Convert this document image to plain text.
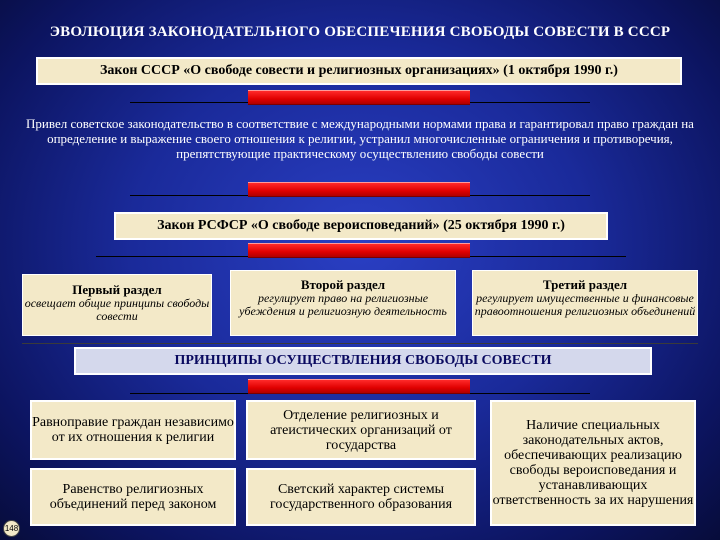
ЭВОЛЮЦИЯ ЗАКОНОДАТЕЛЬНОГО ОБЕСПЕЧЕНИЯ СВОБОДЫ СОВЕСТИ В СССР
Закон СССР «О свободе совести и религиозных организациях» (1 октября 1990 г.)
Привел советское законодательство в соответствие с международными нормами права и гарантировал право граждан на определение и выражение своего отношения к религии, устранил многочисленные ограничения и противоречия, препятствующие практическому осуществлению свободы совести
Закон РСФСР «О свободе вероисповеданий» (25 октября 1990 г.)
Первый раздел
освещает общие принципы свободы совести
Второй раздел
регулирует право на религиозные убеждения и религиозную деятельность
Третий раздел
регулирует имущественные и финансовые правоотношения религиозных объединений
ПРИНЦИПЫ ОСУЩЕСТВЛЕНИЯ СВОБОДЫ СОВЕСТИ
Равноправие граждан независимо от их отношения к религии
Отделение религиозных и атеистических организаций от государства
Наличие специальных законодательных актов, обеспечивающих реализацию свободы вероисповедания и устанавливающих ответственность за их нарушения
Равенство религиозных объединений перед законом
Светский характер системы государственного образования
148
